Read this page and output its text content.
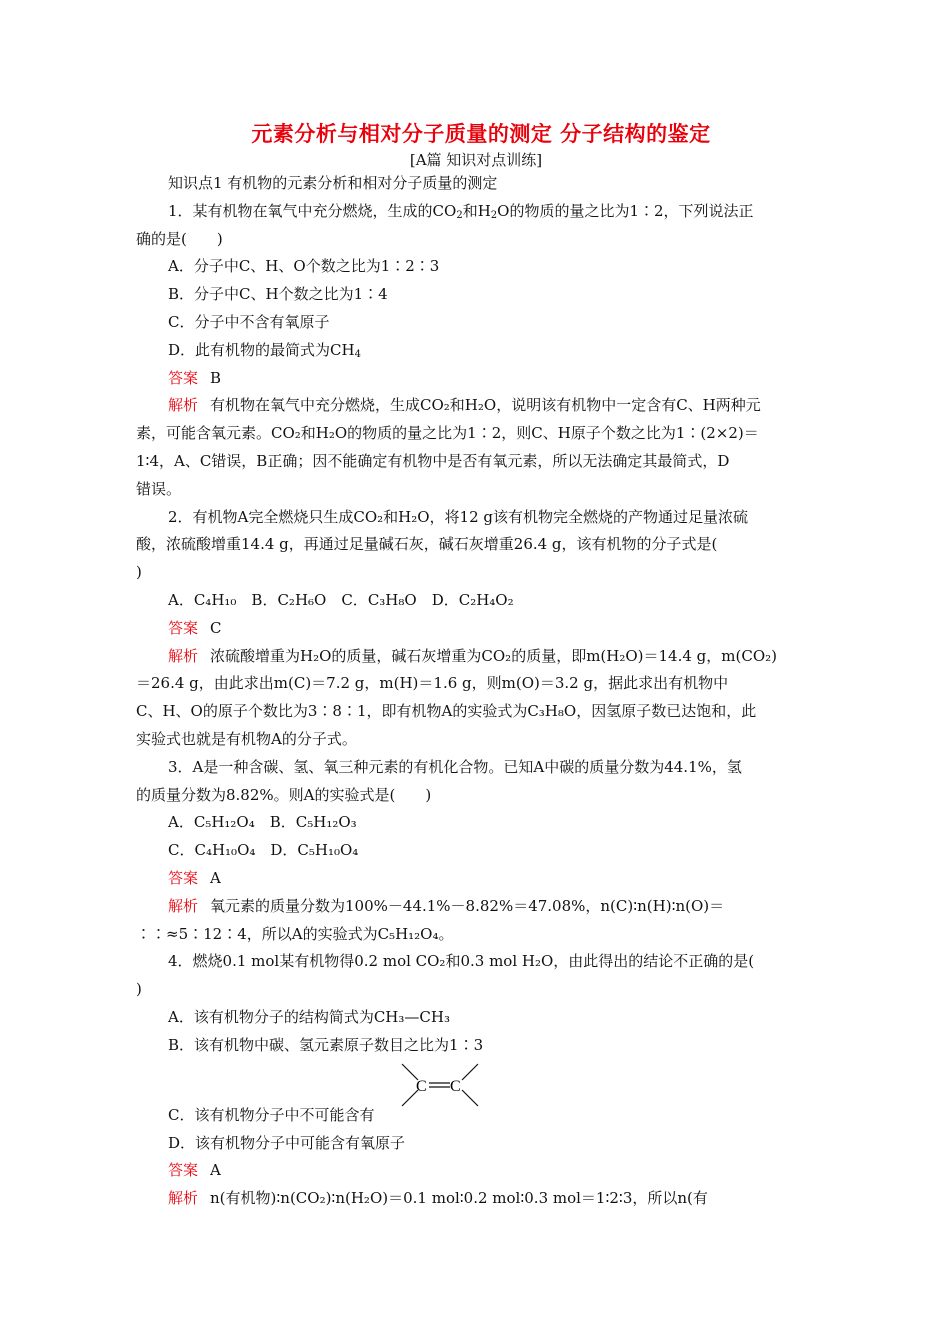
元素分析与相对分子质量的测定 分子结构的鉴定
[A篇 知识对点训练]
知识点1 有机物的元素分析和相对分子质量的测定
1．某有机物在氧气中充分燃烧，生成的$CO_2$和$H_2O$的物质的量之比为1∶2，下列说法正
确的是(　　)
A．分子中C、H、O个数之比为1∶2∶3
B．分子中C、H个数之比为1∶4
C．分子中不含有氧原子
D．此有机物的最简式为$CH_4$
答案 B
解析 有机物在氧气中充分燃烧，生成CO₂和H₂O，说明该有机物中一定含有C、H两种元
素，可能含氧元素。CO₂和H₂O的物质的量之比为1∶2，则C、H原子个数之比为1∶(2×2)＝
1∶4，A、C错误，B正确；因不能确定有机物中是否有氧元素，所以无法确定其最简式，D
错误。
2．有机物A完全燃烧只生成CO₂和H₂O，将12 g该有机物完全燃烧的产物通过足量浓硫
酸，浓硫酸增重14.4 g，再通过足量碱石灰，碱石灰增重26.4 g，该有机物的分子式是(
)
A．C₄H₁₀　B．C₂H₆O　C．C₃H₈O　D．C₂H₄O₂
答案 C
解析 浓硫酸增重为H₂O的质量，碱石灰增重为CO₂的质量，即m(H₂O)＝14.4 g，m(CO₂)
＝26.4 g，由此求出m(C)＝7.2 g，m(H)＝1.6 g，则m(O)＝3.2 g，据此求出有机物中
C、H、O的原子个数比为3∶8∶1，即有机物A的实验式为C₃H₈O，因氢原子数已达饱和，此
实验式也就是有机物A的分子式。
3．A是一种含碳、氢、氧三种元素的有机化合物。已知A中碳的质量分数为44.1%，氢
的质量分数为8.82%。则A的实验式是(　　)
A．C₅H₁₂O₄　B．C₅H₁₂O₃
C．C₄H₁₀O₄　D．C₅H₁₀O₄
答案 A
解析 氧元素的质量分数为100%－44.1%－8.82%＝47.08%，n(C)∶n(H)∶n(O)＝
∶∶≈5∶12∶4，所以A的实验式为C₅H₁₂O₄。
4．燃烧0.1 mol某有机物得0.2 mol CO₂和0.3 mol H₂O，由此得出的结论不正确的是(
)
A．该有机物分子的结构简式为CH₃—CH₃
B．该有机物中碳、氢元素原子数目之比为1∶3
C．该有机物分子中不可能含有
C C
D．该有机物分子中可能含有氧原子
答案 A
解析 n(有机物)∶n(CO₂)∶n(H₂O)＝0.1 mol∶0.2 mol∶0.3 mol＝1∶2∶3，所以n(有
